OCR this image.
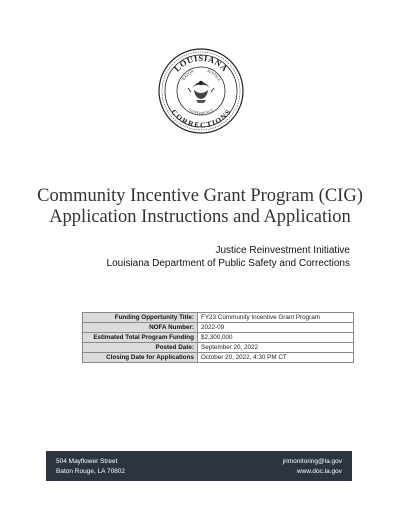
LOUISIANA
CORRECTIONS
BATON	JUSTICE
CONFIDENCE
Community Incentive Grant Program (CIG)
Application Instructions and Application
Justice Reinvestment Initiative
Louisiana Department of Public Safety and Corrections
Funding Opportunity Title:	FY23 Community Incentive Grant Program
NOFA Number:	2022-09
Estimated Total Program Funding	$2,300,000
Posted Date:	September 20, 2022
Closing Date for Applications	October 20, 2022, 4:30 PM CT
504 Mayflower Street
Baton Rouge, LA 70802
jrimonitoring@la.gov
www.doc.la.gov
